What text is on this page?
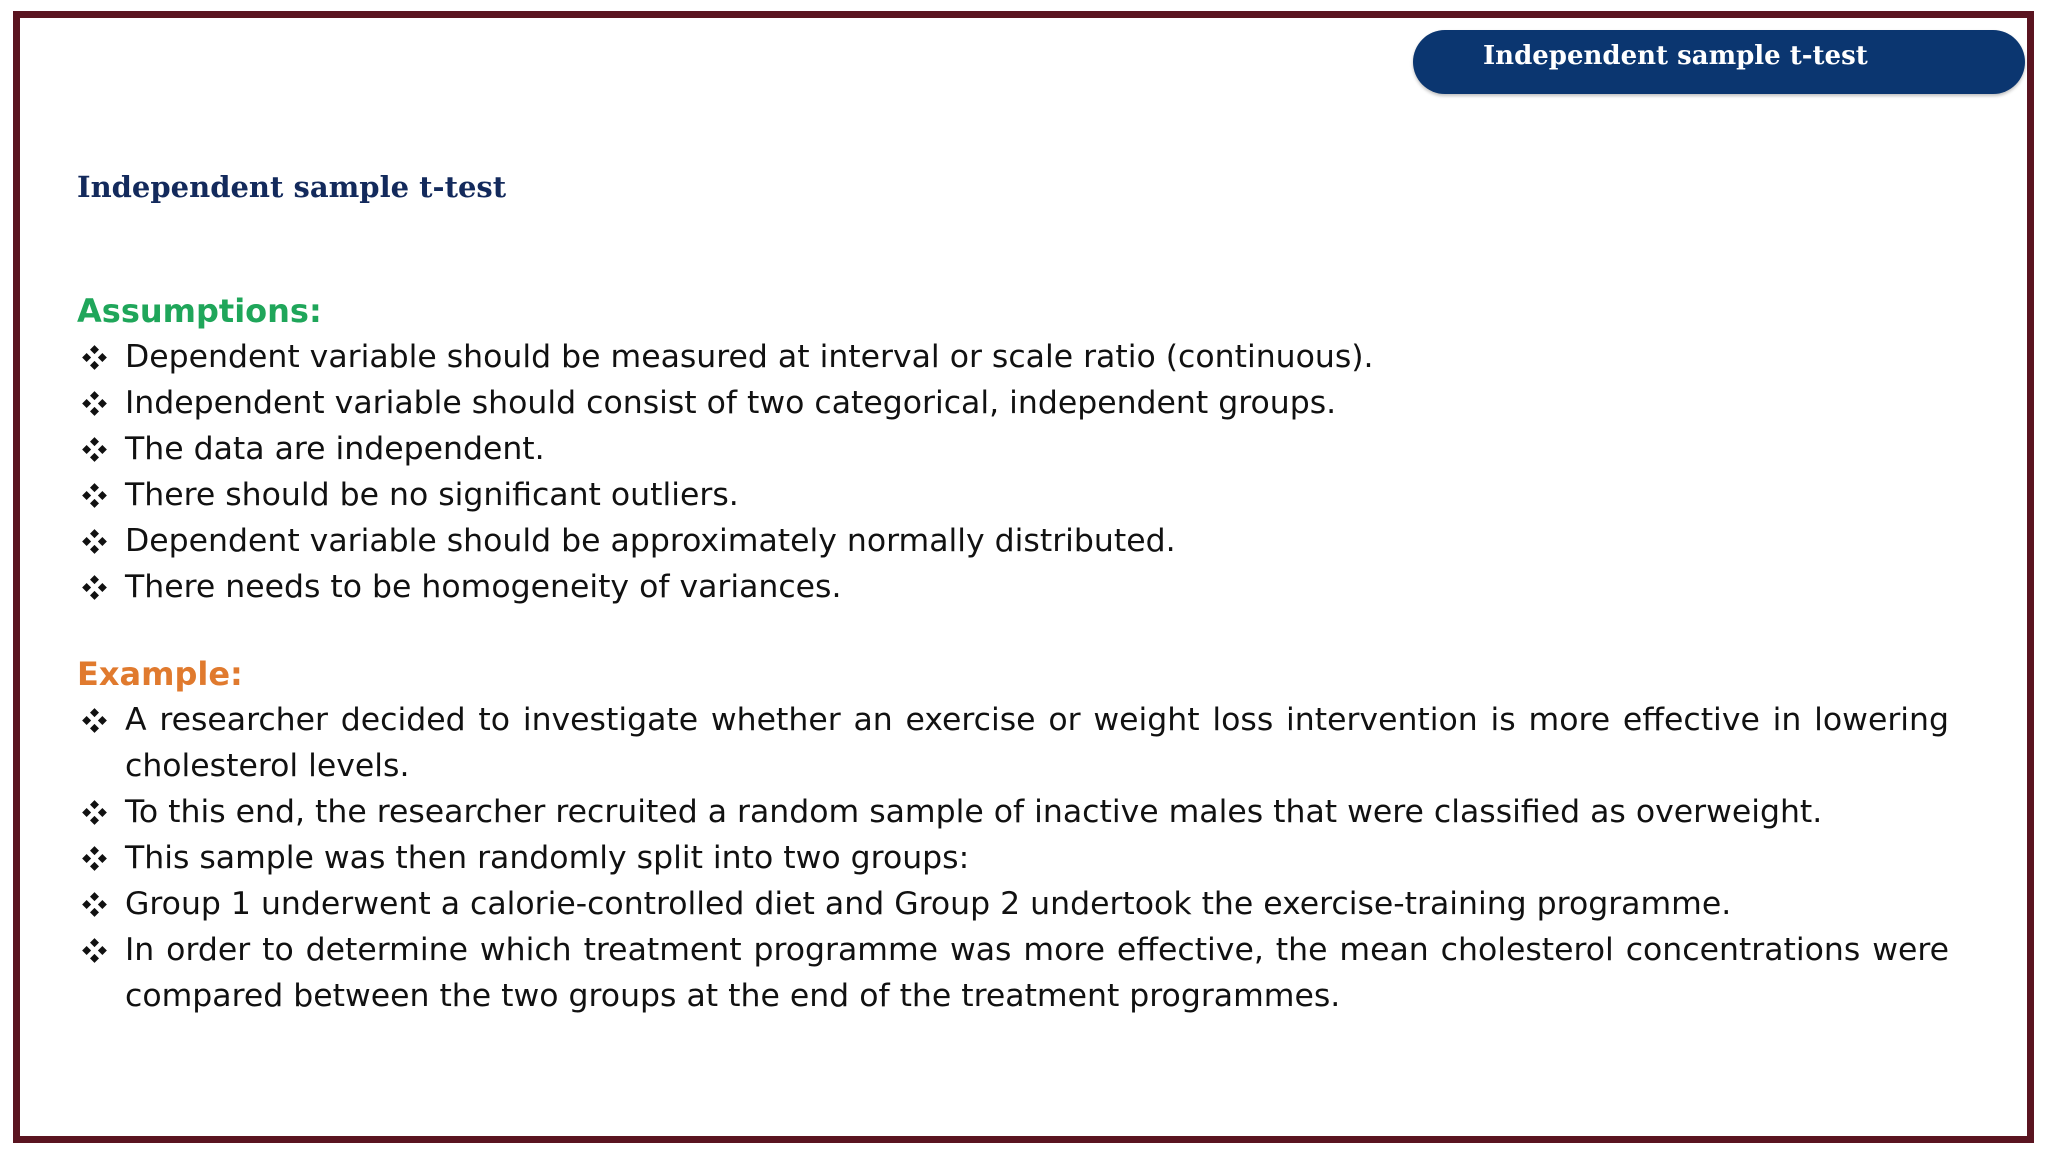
Independent sample t-test
Independent sample t-test
Assumptions:
Dependent variable should be measured at interval or scale ratio (continuous).
Independent variable should consist of two categorical, independent groups.
The data are independent.
There should be no significant outliers.
Dependent variable should be approximately normally distributed.
There needs to be homogeneity of variances.
Example:
A researcher decided to investigate whether an exercise or weight loss intervention is more effective in lowering cholesterol levels.
To this end, the researcher recruited a random sample of inactive males that were classified as overweight.
This sample was then randomly split into two groups:
Group 1 underwent a calorie-controlled diet and Group 2 undertook the exercise-training programme.
In order to determine which treatment programme was more effective, the mean cholesterol concentrations were compared between the two groups at the end of the treatment programmes.
